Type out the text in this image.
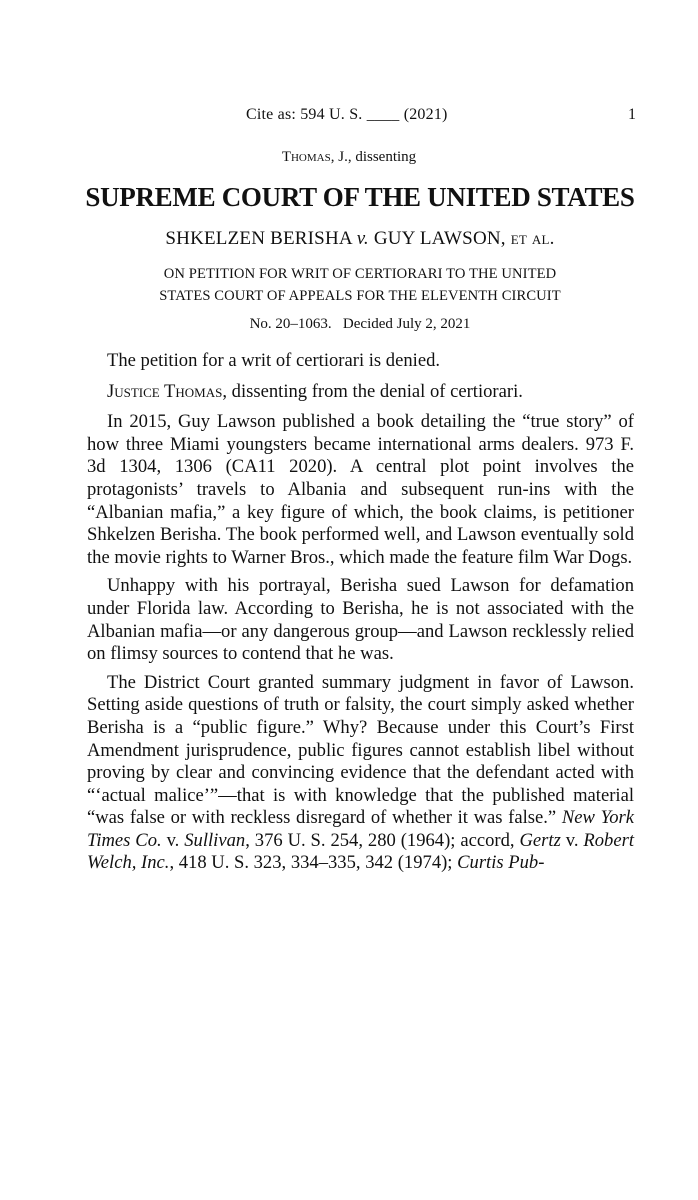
Cite as: 594 U. S. ____ (2021)	1
Thomas, J., dissenting
SUPREME COURT OF THE UNITED STATES
SHKELZEN BERISHA v. GUY LAWSON, et al.
ON PETITION FOR WRIT OF CERTIORARI TO THE UNITED
STATES COURT OF APPEALS FOR THE ELEVENTH CIRCUIT
No. 20–1063.   Decided July 2, 2021

The petition for a writ of certiorari is denied.

Justice Thomas, dissenting from the denial of certiorari.

In 2015, Guy Lawson published a book detailing the “true story” of how three Miami youngsters became international arms dealers. 973 F. 3d 1304, 1306 (CA11 2020). A central plot point involves the protagonists’ travels to Albania and subsequent run-ins with the “Albanian mafia,” a key figure of which, the book claims, is petitioner Shkelzen Berisha. The book performed well, and Lawson eventually sold the movie rights to Warner Bros., which made the feature film War Dogs.

Unhappy with his portrayal, Berisha sued Lawson for defamation under Florida law. According to Berisha, he is not associated with the Albanian mafia—or any dangerous group—and Lawson recklessly relied on flimsy sources to contend that he was.

The District Court granted summary judgment in favor of Lawson. Setting aside questions of truth or falsity, the court simply asked whether Berisha is a “public figure.” Why? Because under this Court’s First Amendment jurisprudence, public figures cannot establish libel without proving by clear and convincing evidence that the defendant acted with “‘actual malice’”—that is with knowledge that the published material “was false or with reckless disregard of whether it was false.” New York Times Co. v. Sullivan, 376 U. S. 254, 280 (1964); accord, Gertz v. Robert Welch, Inc., 418 U. S. 323, 334–335, 342 (1974); Curtis Pub-
